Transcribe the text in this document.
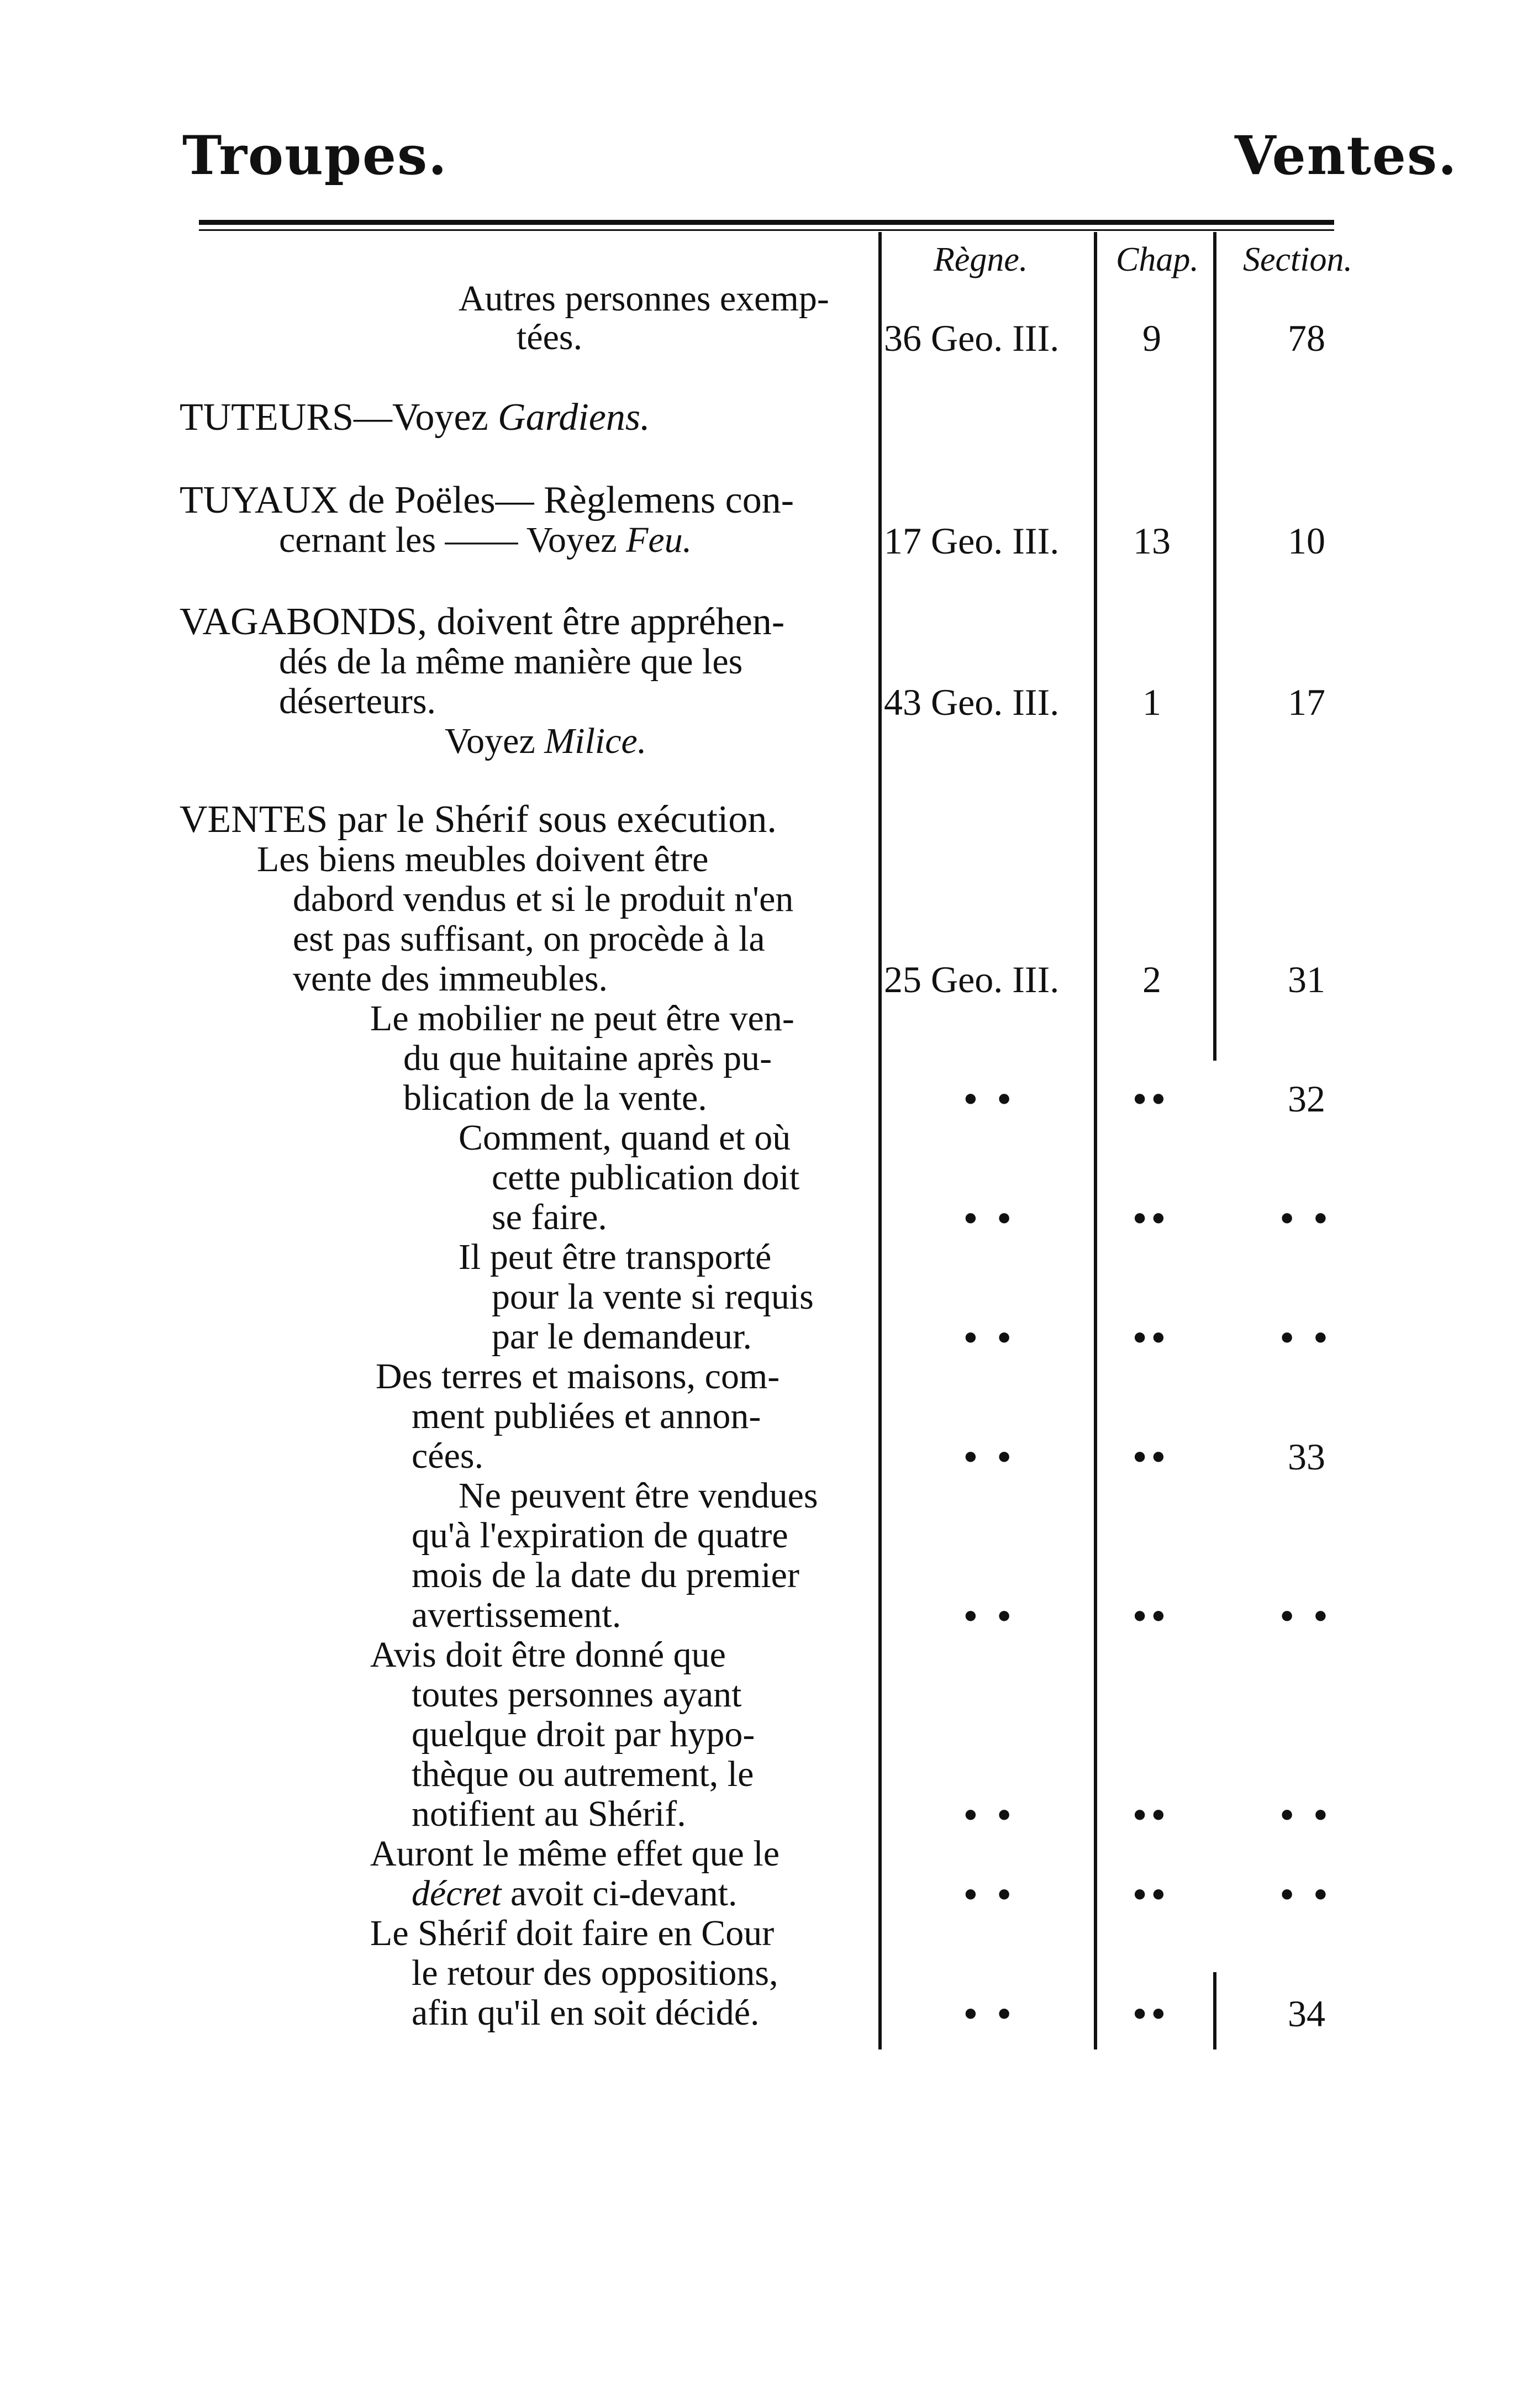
Troupes.	Ventes.
Règne.	Chap. Section.
Autres personnes exemp-
tées.	36 Geo. III.	9	78
TUTEURS—Voyez Gardiens.
TUYAUX de Poëles— Règlemens con-
cernant les —— Voyez Feu.	17 Geo. III.	13	10
VAGABONDS, doivent être appréhen-
dés de la même manière que les
déserteurs.
Voyez Milice.
43 Geo. III.	1	17
VENTES par le Shérif sous exécution.
Les biens meubles doivent être
dabord vendus et si le produit n'en
est pas suffisant, on procède à la
vente des immeubles.	25 Geo. III.	2	31
Le mobilier ne peut être ven-
du que huitaine après pu-
blication de la vente.	• •	••	32
Comment, quand et où
cette publication doit
se faire.	• •	••	• •
Il peut être transporté
pour la vente si requis
par le demandeur.	• •	••	• •
Des terres et maisons, com-
ment publiées et annon-
cées.	• •	••	33
Ne peuvent être vendues
qu'à l'expiration de quatre
mois de la date du premier
avertissement.	• •	••	• •
Avis doit être donné que
toutes personnes ayant
quelque droit par hypo-
thèque ou autrement, le
notifient au Shérif.	• •	••	• •
Auront le même effet que le
décret avoit ci-devant.	• •	••	• •
Le Shérif doit faire en Cour
le retour des oppositions,
afin qu'il en soit décidé.	• •	••	34
